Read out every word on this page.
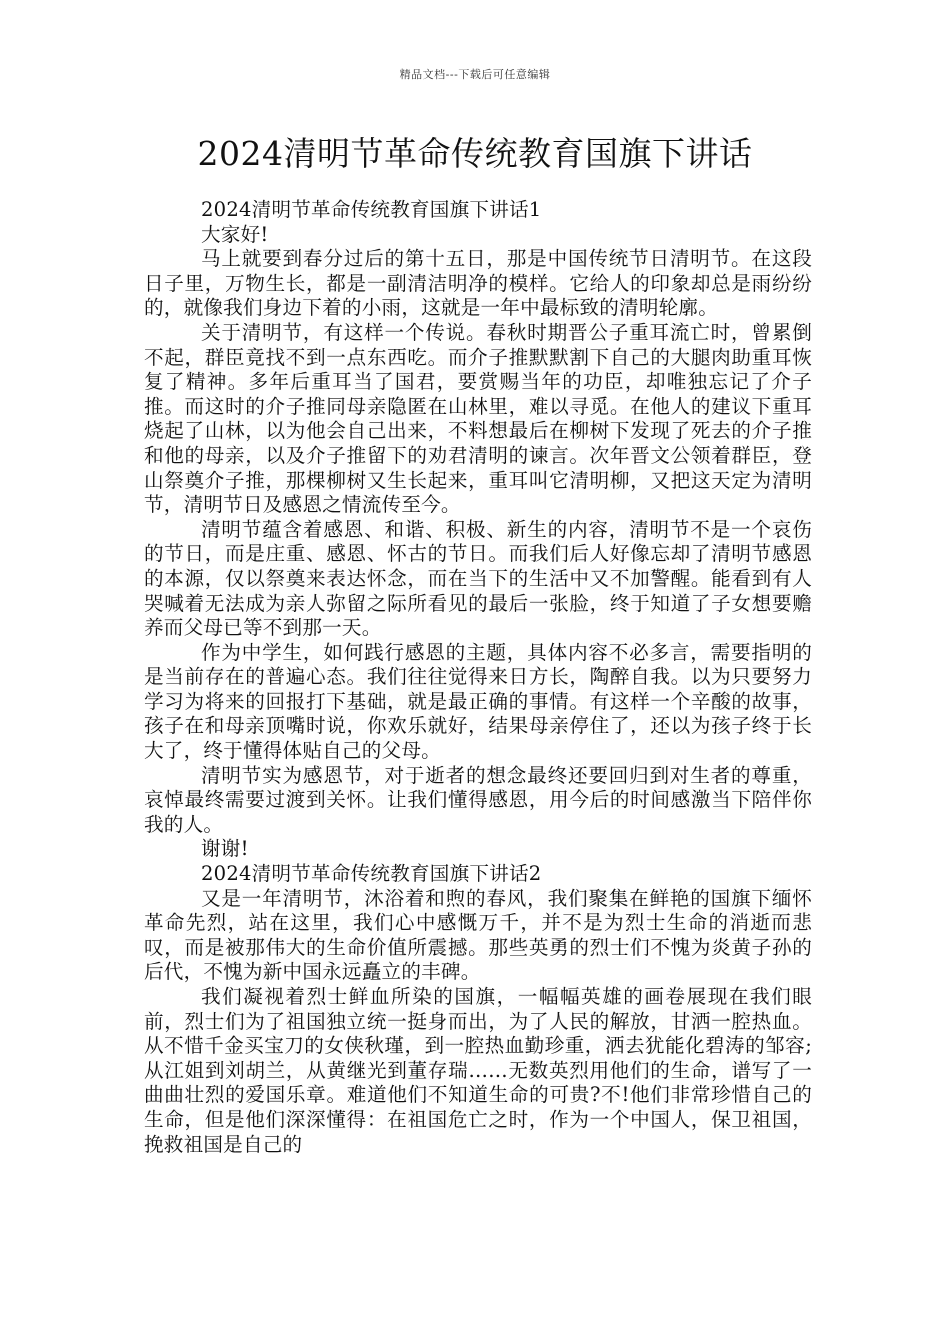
精品文档---下载后可任意编辑
2024清明节革命传统教育国旗下讲话

2024清明节革命传统教育国旗下讲话1

大家好!

马上就要到春分过后的第十五日，那是中国传统节日清明节。在这段日子里，万物生长，都是一副清洁明净的模样。它给人的印象却总是雨纷纷的，就像我们身边下着的小雨，这就是一年中最标致的清明轮廓。

关于清明节，有这样一个传说。春秋时期晋公子重耳流亡时，曾累倒不起，群臣竟找不到一点东西吃。而介子推默默割下自己的大腿肉助重耳恢复了精神。多年后重耳当了国君，要赏赐当年的功臣，却唯独忘记了介子推。而这时的介子推同母亲隐匿在山林里，难以寻觅。在他人的建议下重耳烧起了山林，以为他会自己出来，不料想最后在柳树下发现了死去的介子推和他的母亲，以及介子推留下的劝君清明的谏言。次年晋文公领着群臣，登山祭奠介子推，那棵柳树又生长起来，重耳叫它清明柳，又把这天定为清明节，清明节日及感恩之情流传至今。

清明节蕴含着感恩、和谐、积极、新生的内容，清明节不是一个哀伤的节日，而是庄重、感恩、怀古的节日。而我们后人好像忘却了清明节感恩的本源，仅以祭奠来表达怀念，而在当下的生活中又不加警醒。能看到有人哭喊着无法成为亲人弥留之际所看见的最后一张脸，终于知道了子女想要赡养而父母已等不到那一天。

作为中学生，如何践行感恩的主题，具体内容不必多言，需要指明的是当前存在的普遍心态。我们往往觉得来日方长，陶醉自我。以为只要努力学习为将来的回报打下基础，就是最正确的事情。有这样一个辛酸的故事，孩子在和母亲顶嘴时说，你欢乐就好，结果母亲停住了，还以为孩子终于长大了，终于懂得体贴自己的父母。

清明节实为感恩节，对于逝者的想念最终还要回归到对生者的尊重，哀悼最终需要过渡到关怀。让我们懂得感恩，用今后的时间感激当下陪伴你我的人。

谢谢!

2024清明节革命传统教育国旗下讲话2

又是一年清明节，沐浴着和煦的春风，我们聚集在鲜艳的国旗下缅怀革命先烈，站在这里，我们心中感慨万千，并不是为烈士生命的消逝而悲叹，而是被那伟大的生命价值所震撼。那些英勇的烈士们不愧为炎黄子孙的后代，不愧为新中国永远矗立的丰碑。

我们凝视着烈士鲜血所染的国旗，一幅幅英雄的画卷展现在我们眼前，烈士们为了祖国独立统一挺身而出，为了人民的解放，甘洒一腔热血。从不惜千金买宝刀的女侠秋瑾，到一腔热血勤珍重，洒去犹能化碧涛的邹容;从江姐到刘胡兰，从黄继光到董存瑞……无数英烈用他们的生命，谱写了一曲曲壮烈的爱国乐章。难道他们不知道生命的可贵?不!他们非常珍惜自己的生命，但是他们深深懂得：在祖国危亡之时，作为一个中国人，保卫祖国，挽救祖国是自己的
